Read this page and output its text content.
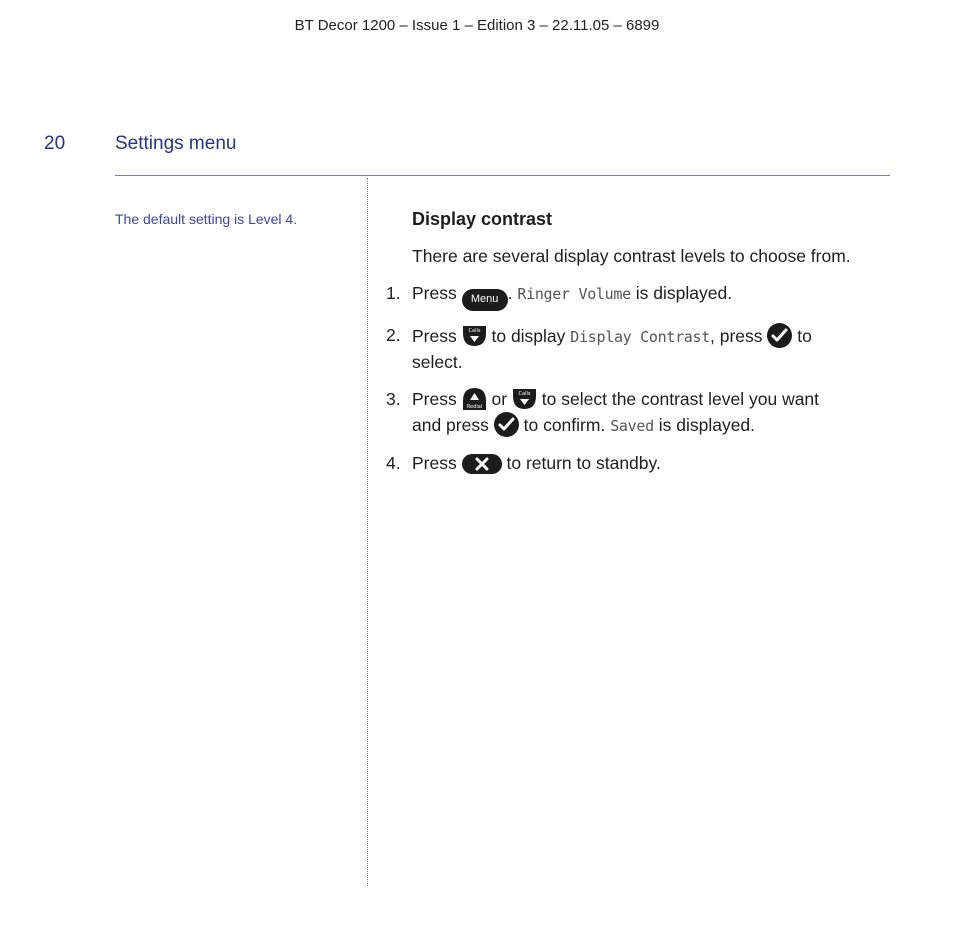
BT Decor 1200 – Issue 1 – Edition 3 – 22.11.05 – 6899
20	Settings menu
The default setting is Level 4.	Display contrast

There are several display contrast levels to choose from.

1. Press Menu . Ringer Volume is displayed.
2. Press Calls to display Display Contrast, press to
select.
3. Press Redial or Calls to select the contrast level you want
and press to confirm. Saved is displayed.
4. Press	to return to standby.
